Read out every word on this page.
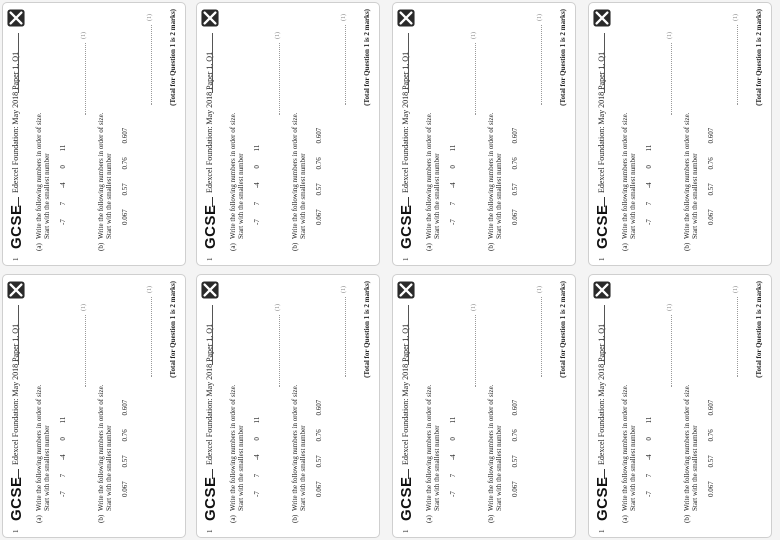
1
GCSE
Edexcel Foundation: May 2018 Paper 1, Q1
(a)
Write the following numbers in order of size. Start with the smallest number -7 7 -4 0 11
(1)
(b)
Write the following numbers in order of size. Start with the smallest number 0.067 0.57 0.76 0.607
(1) (Total for Question 1 is 2 marks)
1
GCSE
Edexcel Foundation: May 2018 Paper 1, Q1
(a)
Write the following numbers in order of size. Start with the smallest number -7 7 -4 0 11
(1)
(b)
Write the following numbers in order of size. Start with the smallest number 0.067 0.57 0.76 0.607
(1) (Total for Question 1 is 2 marks)
1
GCSE
Edexcel Foundation: May 2018 Paper 1, Q1
(a)
Write the following numbers in order of size. Start with the smallest number -7 7 -4 0 11
(1)
(b)
Write the following numbers in order of size. Start with the smallest number 0.067 0.57 0.76 0.607
(1) (Total for Question 1 is 2 marks)
1
GCSE
Edexcel Foundation: May 2018 Paper 1, Q1
(a)
Write the following numbers in order of size. Start with the smallest number -7 7 -4 0 11
(1)
(b)
Write the following numbers in order of size. Start with the smallest number 0.067 0.57 0.76 0.607
(1) (Total for Question 1 is 2 marks)
1
GCSE
Edexcel Foundation: May 2018 Paper 1, Q1
(a)
Write the following numbers in order of size. Start with the smallest number -7 7 -4 0 11
(1)
(b)
Write the following numbers in order of size. Start with the smallest number 0.067 0.57 0.76 0.607
(1) (Total for Question 1 is 2 marks)
1
GCSE
Edexcel Foundation: May 2018 Paper 1, Q1
(a)
Write the following numbers in order of size. Start with the smallest number -7 7 -4 0 11
(1)
(b)
Write the following numbers in order of size. Start with the smallest number 0.067 0.57 0.76 0.607
(1) (Total for Question 1 is 2 marks)
1
GCSE
Edexcel Foundation: May 2018 Paper 1, Q1
(a)
Write the following numbers in order of size. Start with the smallest number -7 7 -4 0 11
(1)
(b)
Write the following numbers in order of size. Start with the smallest number 0.067 0.57 0.76 0.607
(1) (Total for Question 1 is 2 marks)
1
GCSE
Edexcel Foundation: May 2018 Paper 1, Q1
(a)
Write the following numbers in order of size. Start with the smallest number -7 7 -4 0 11
(1)
(b)
Write the following numbers in order of size. Start with the smallest number 0.067 0.57 0.76 0.607
(1) (Total for Question 1 is 2 marks)
